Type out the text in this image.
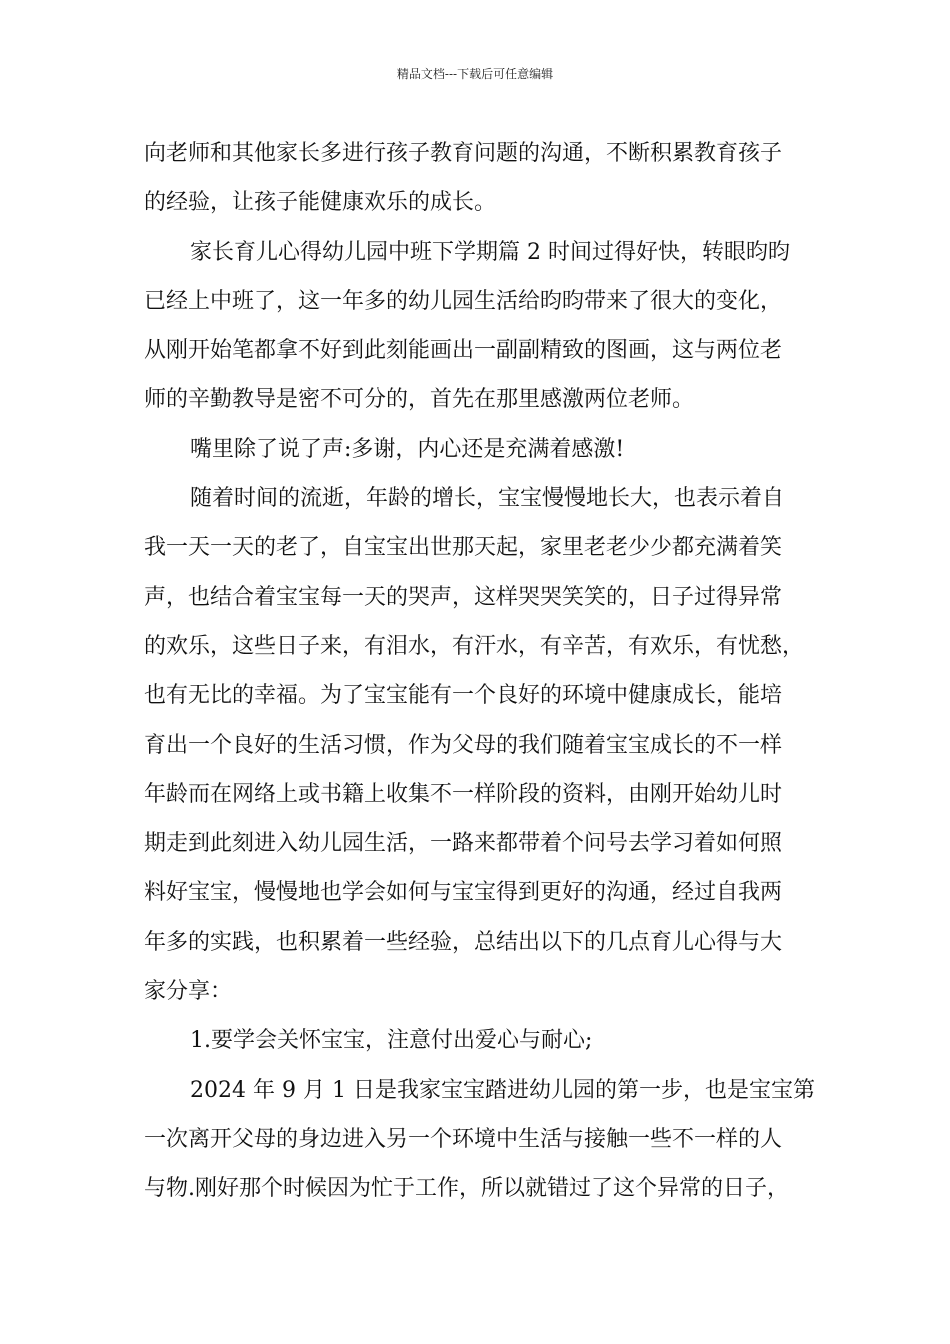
精品文档---下载后可任意编辑
向老师和其他家长多进行孩子教育问题的沟通，不断积累教育孩子
的经验，让孩子能健康欢乐的成长。
家长育儿心得幼儿园中班下学期篇 2 时间过得好快，转眼昀昀
已经上中班了，这一年多的幼儿园生活给昀昀带来了很大的变化，
从刚开始笔都拿不好到此刻能画出一副副精致的图画，这与两位老
师的辛勤教导是密不可分的，首先在那里感激两位老师。
嘴里除了说了声:多谢，内心还是充满着感激!
随着时间的流逝，年龄的增长，宝宝慢慢地长大，也表示着自
我一天一天的老了，自宝宝出世那天起，家里老老少少都充满着笑
声，也结合着宝宝每一天的哭声，这样哭哭笑笑的，日子过得异常
的欢乐，这些日子来，有泪水，有汗水，有辛苦，有欢乐，有忧愁，
也有无比的幸福。为了宝宝能有一个良好的环境中健康成长，能培
育出一个良好的生活习惯，作为父母的我们随着宝宝成长的不一样
年龄而在网络上或书籍上收集不一样阶段的资料，由刚开始幼儿时
期走到此刻进入幼儿园生活，一路来都带着个问号去学习着如何照
料好宝宝，慢慢地也学会如何与宝宝得到更好的沟通，经过自我两
年多的实践，也积累着一些经验，总结出以下的几点育儿心得与大
家分享：
1.要学会关怀宝宝，注意付出爱心与耐心;
2024 年 9 月 1 日是我家宝宝踏进幼儿园的第一步，也是宝宝第
一次离开父母的身边进入另一个环境中生活与接触一些不一样的人
与物.刚好那个时候因为忙于工作，所以就错过了这个异常的日子，
